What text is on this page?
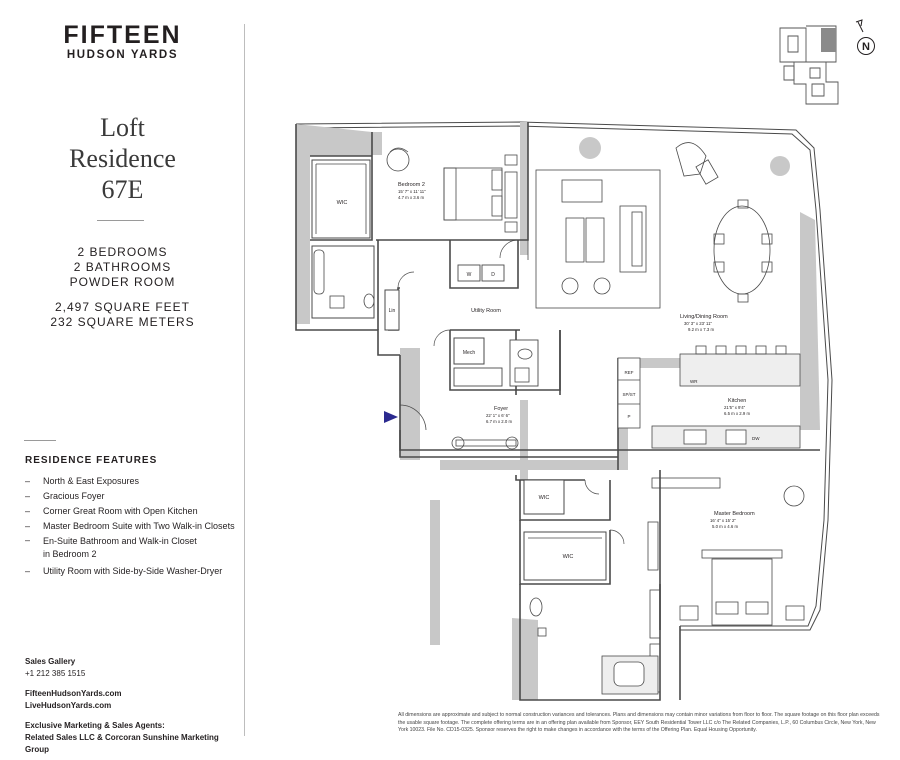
FIFTEEN
HUDSON YARDS
Loft
Residence
67E
2 BEDROOMS
2 BATHROOMS
POWDER ROOM
2,497 SQUARE FEET
232 SQUARE METERS
RESIDENCE FEATURES
– North & East Exposures
– Gracious Foyer
– Corner Great Room with Open Kitchen
– Master Bedroom Suite with Two Walk-in Closets
– En-Suite Bathroom and Walk-in Closet
in Bedroom 2
– Utility Room with Side-by-Side Washer-Dryer
Sales Gallery
+1 212 385 1515
FifteenHudsonYards.com
LiveHudsonYards.com
Exclusive Marketing & Sales Agents:
Related Sales LLC & Corcoran Sunshine Marketing Group
N
WIC
Lin
Bedroom 2
15' 7" x 11' 11"
4.7 m x 3.6 m
W	D
Utility Room
Mech
Living/Dining Room
30' 3" x 23' 11"
9.2 m x 7.3 m
REF
SP/ST
P
WR
DW
Kitchen
21'5" x 9'4"
6.5 m x 2.9 m
Foyer
22' 1" x 6' 6"
6.7 m x 2.0 m
WIC
WIC
Master Bedroom
16' 4" x 15' 2"
5.0 m x 4.6 m
All dimensions are approximate and subject to normal construction variances and tolerances. Plans and dimensions may contain minor variations from floor to floor. The square footage on this floor plan exceeds the usable square footage. The complete offering terms are in an offering plan available from Sponsor, EEY South Residential Tower LLC c/o The Related Companies, L.P., 60 Columbus Circle, New York, New York 10023. File No. CD15-0325. Sponsor reserves the right to make changes in accordance with the terms of the Offering Plan. Equal Housing Opportunity.
